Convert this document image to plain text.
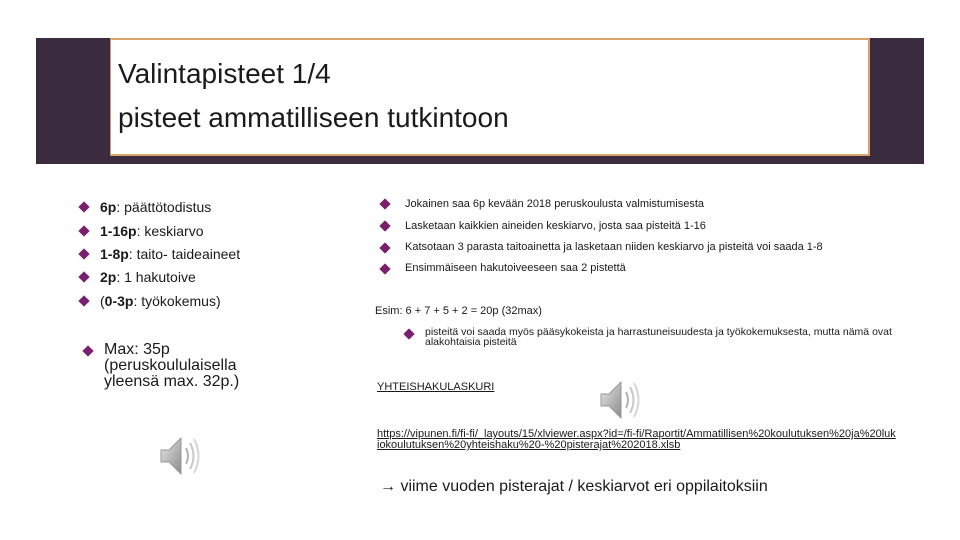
Valintapisteet 1/4
pisteet ammatilliseen tutkintoon
6p: päättötodistus
1-16p: keskiarvo
1-8p: taito- taideaineet
2p: 1 hakutoive
(0-3p: työkokemus)
Max: 35p (peruskoululaisella yleensä max. 32p.)
Jokainen saa 6p kevään 2018 peruskoulusta valmistumisesta
Lasketaan kaikkien aineiden keskiarvo, josta saa pisteitä 1-16
Katsotaan 3 parasta taitoainetta ja lasketaan niiden keskiarvo ja pisteitä voi saada 1-8
Ensimmäiseen hakutoiveeseen saa 2 pistettä
Esim: 6 + 7 + 5 + 2 = 20p (32max)
pisteitä voi saada myös pääsykokeista ja harrastuneisuudesta ja työkokemuksesta, mutta nämä ovat alakohtaisia pisteitä
YHTEISHAKULASKURI
https://vipunen.fi/fi-fi/_layouts/15/xlviewer.aspx?id=/fi-fi/Raportit/Ammatillisen%20koulutuksen%20ja%20lukiokoulutuksen%20yhteishaku%20-%20pisterajat%202018.xlsb
→ viime vuoden pisterajat / keskiarvot eri oppilaitoksiin
